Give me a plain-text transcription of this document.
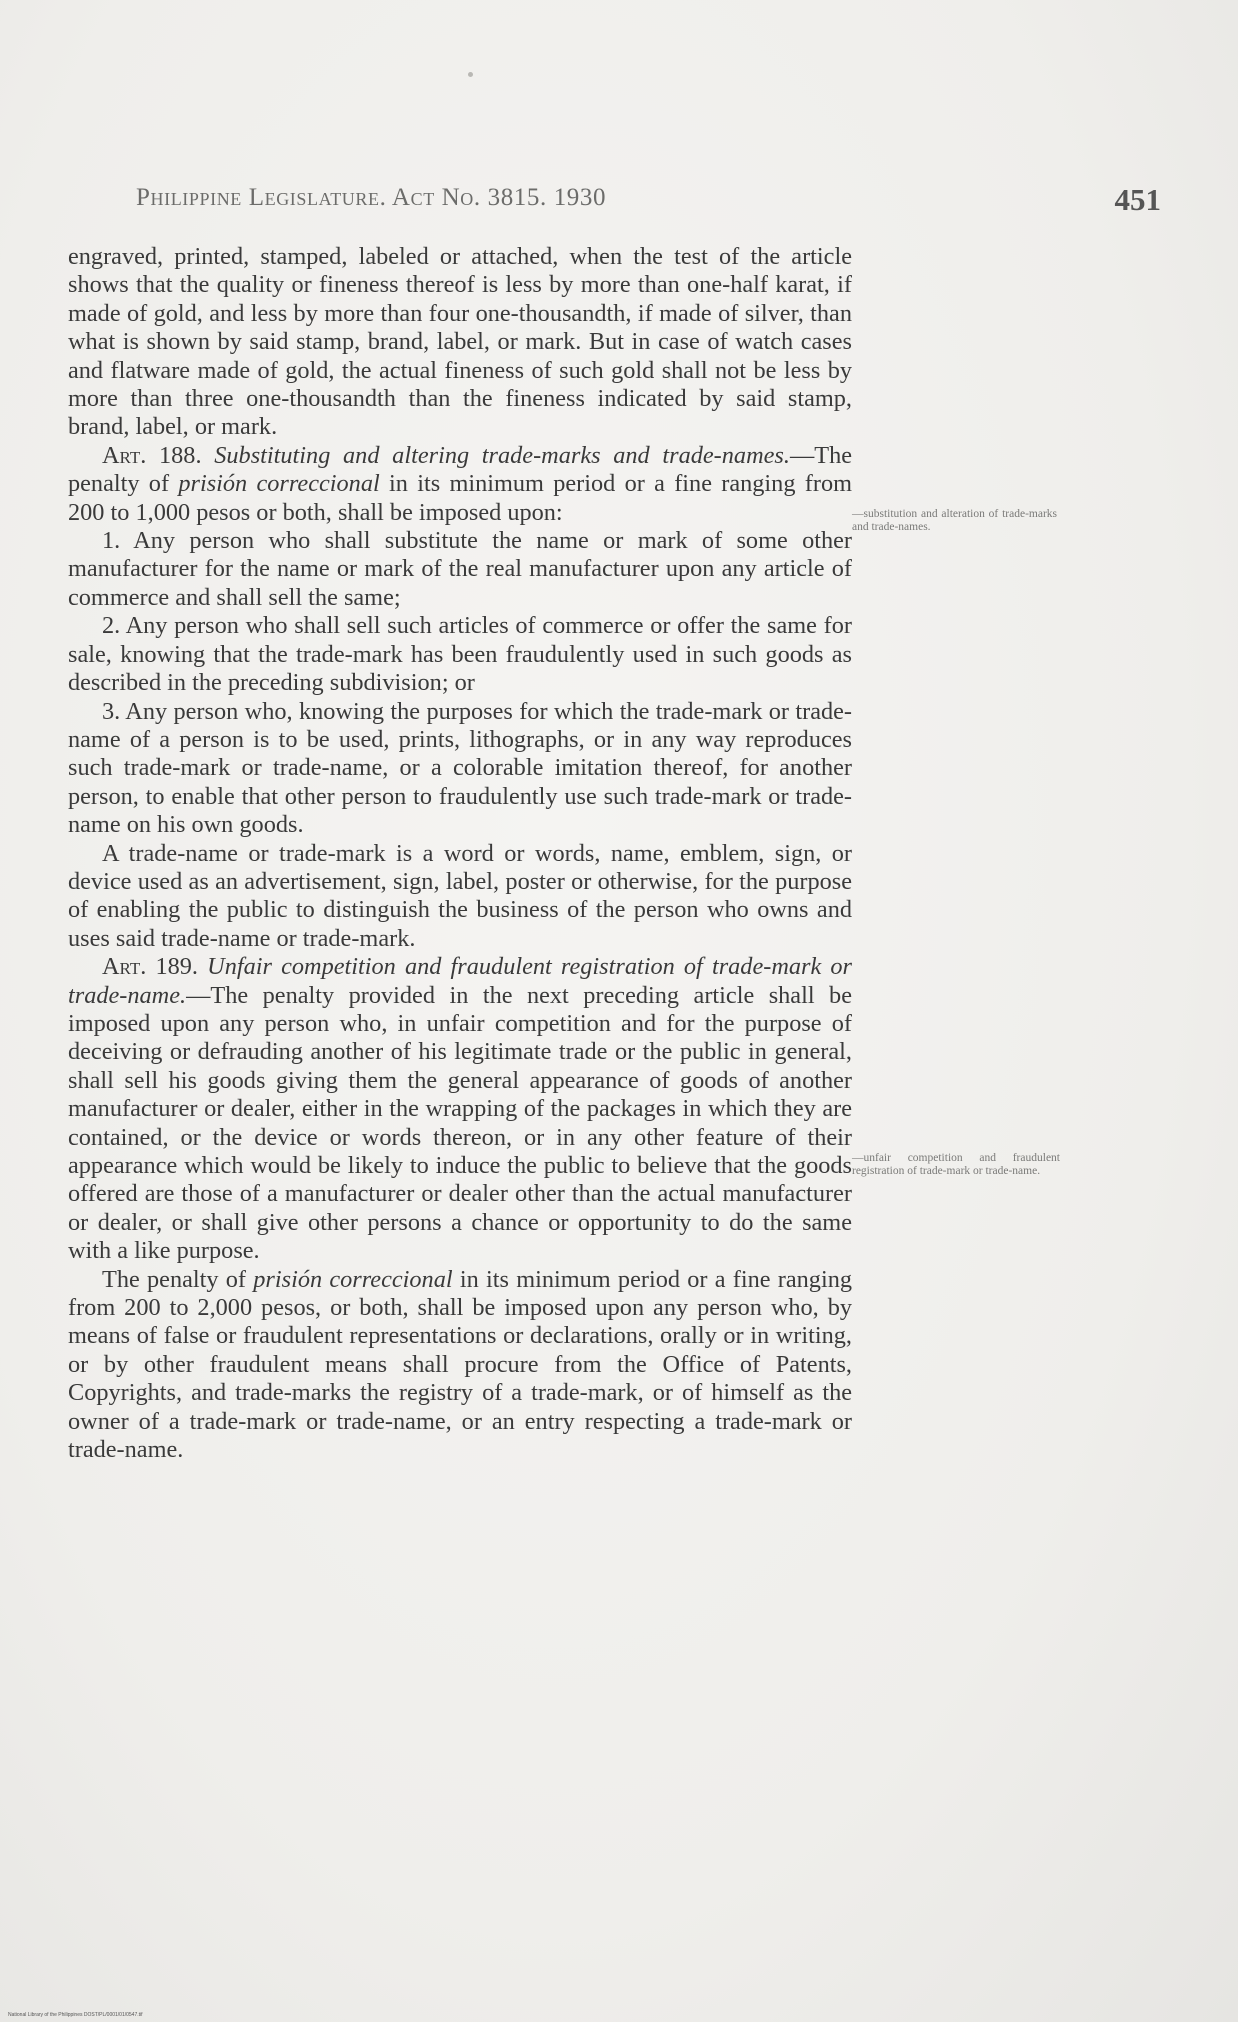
Philippine Legislature. Act No. 3815. 1930	451

engraved, printed, stamped, labeled or attached, when the test of the article shows that the quality or fineness thereof is less by more than one-half karat, if made of gold, and less by more than four one-thousandth, if made of silver, than what is shown by said stamp, brand, label, or mark. But in case of watch cases and flatware made of gold, the actual fineness of such gold shall not be less by more than three one-thousandth than the fineness indicated by said stamp, brand, label, or mark.

Art. 188. Substituting and altering trade-marks and trade-names.—The penalty of prisión correccional in its minimum period or a fine ranging from 200 to 1,000 pesos or both, shall be imposed upon:

1. Any person who shall substitute the name or mark of some other manufacturer for the name or mark of the real manufacturer upon any article of commerce and shall sell the same;

2. Any person who shall sell such articles of commerce or offer the same for sale, knowing that the trade-mark has been fraudulently used in such goods as described in the preceding subdivision; or

3. Any person who, knowing the purposes for which the trade-mark or trade-name of a person is to be used, prints, lithographs, or in any way reproduces such trade-mark or trade-name, or a colorable imitation thereof, for another person, to enable that other person to fraudulently use such trade-mark or trade-name on his own goods.

A trade-name or trade-mark is a word or words, name, emblem, sign, or device used as an advertisement, sign, label, poster or otherwise, for the purpose of enabling the public to distinguish the business of the person who owns and uses said trade-name or trade-mark.

Art. 189. Unfair competition and fraudulent registration of trade-mark or trade-name.—The penalty provided in the next preceding article shall be imposed upon any person who, in unfair competition and for the purpose of deceiving or defrauding another of his legitimate trade or the public in general, shall sell his goods giving them the general appearance of goods of another manufacturer or dealer, either in the wrapping of the packages in which they are contained, or the device or words thereon, or in any other feature of their appearance which would be likely to induce the public to believe that the goods offered are those of a manufacturer or dealer other than the actual manufacturer or dealer, or shall give other persons a chance or opportunity to do the same with a like purpose.

The penalty of prisión correccional in its minimum period or a fine ranging from 200 to 2,000 pesos, or both, shall be imposed upon any person who, by means of false or fraudulent representations or declarations, orally or in writing, or by other fraudulent means shall procure from the Office of Patents, Copyrights, and trade-marks the registry of a trade-mark, or of himself as the owner of a trade-mark or trade-name, or an entry respecting a trade-mark or trade-name.

—substitution and alteration of trade-marks and trade-names.
—unfair competition and fraudulent registration of trade-mark or trade-name.
National Library of the Philippines DOST/PL/0001/01/0547.tif
